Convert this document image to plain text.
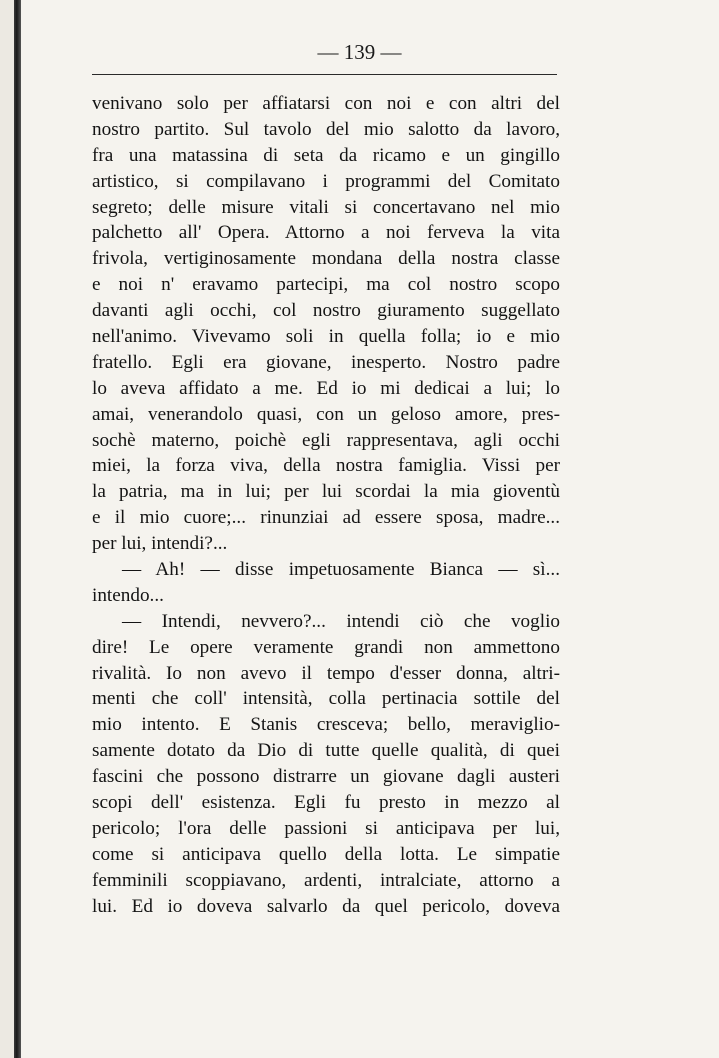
— 139 —
venivano solo per affiatarsi con noi e con altri del
nostro partito. Sul tavolo del mio salotto da lavoro,
fra una matassina di seta da ricamo e un gingillo
artistico, si compilavano i programmi del Comitato
segreto; delle misure vitali si concertavano nel mio
palchetto all' Opera. Attorno a noi ferveva la vita
frivola, vertiginosamente mondana della nostra classe
e noi n' eravamo partecipi, ma col nostro scopo
davanti agli occhi, col nostro giuramento suggellato
nell'animo. Vivevamo soli in quella folla; io e mio
fratello. Egli era giovane, inesperto. Nostro padre
lo aveva affidato a me. Ed io mi dedicai a lui; lo
amai, venerandolo quasi, con un geloso amore, pres-
sochè materno, poichè egli rappresentava, agli occhi
miei, la forza viva, della nostra famiglia. Vissi per
la patria, ma in lui; per lui scordai la mia gioventù
e il mio cuore;... rinunziai ad essere sposa, madre...
per lui, intendi?...
— Ah! — disse impetuosamente Bianca — sì...
intendo...
— Intendi, nevvero?... intendi ciò che voglio
dire! Le opere veramente grandi non ammettono
rivalità. Io non avevo il tempo d'esser donna, altri-
menti che coll' intensità, colla pertinacia sottile del
mio intento. E Stanis cresceva; bello, meraviglio-
samente dotato da Dio di tutte quelle qualità, di quei
fascini che possono distrarre un giovane dagli austeri
scopi dell' esistenza. Egli fu presto in mezzo al
pericolo; l'ora delle passioni si anticipava per lui,
come si anticipava quello della lotta. Le simpatie
femminili scoppiavano, ardenti, intralciate, attorno a
lui. Ed io doveva salvarlo da quel pericolo, doveva
